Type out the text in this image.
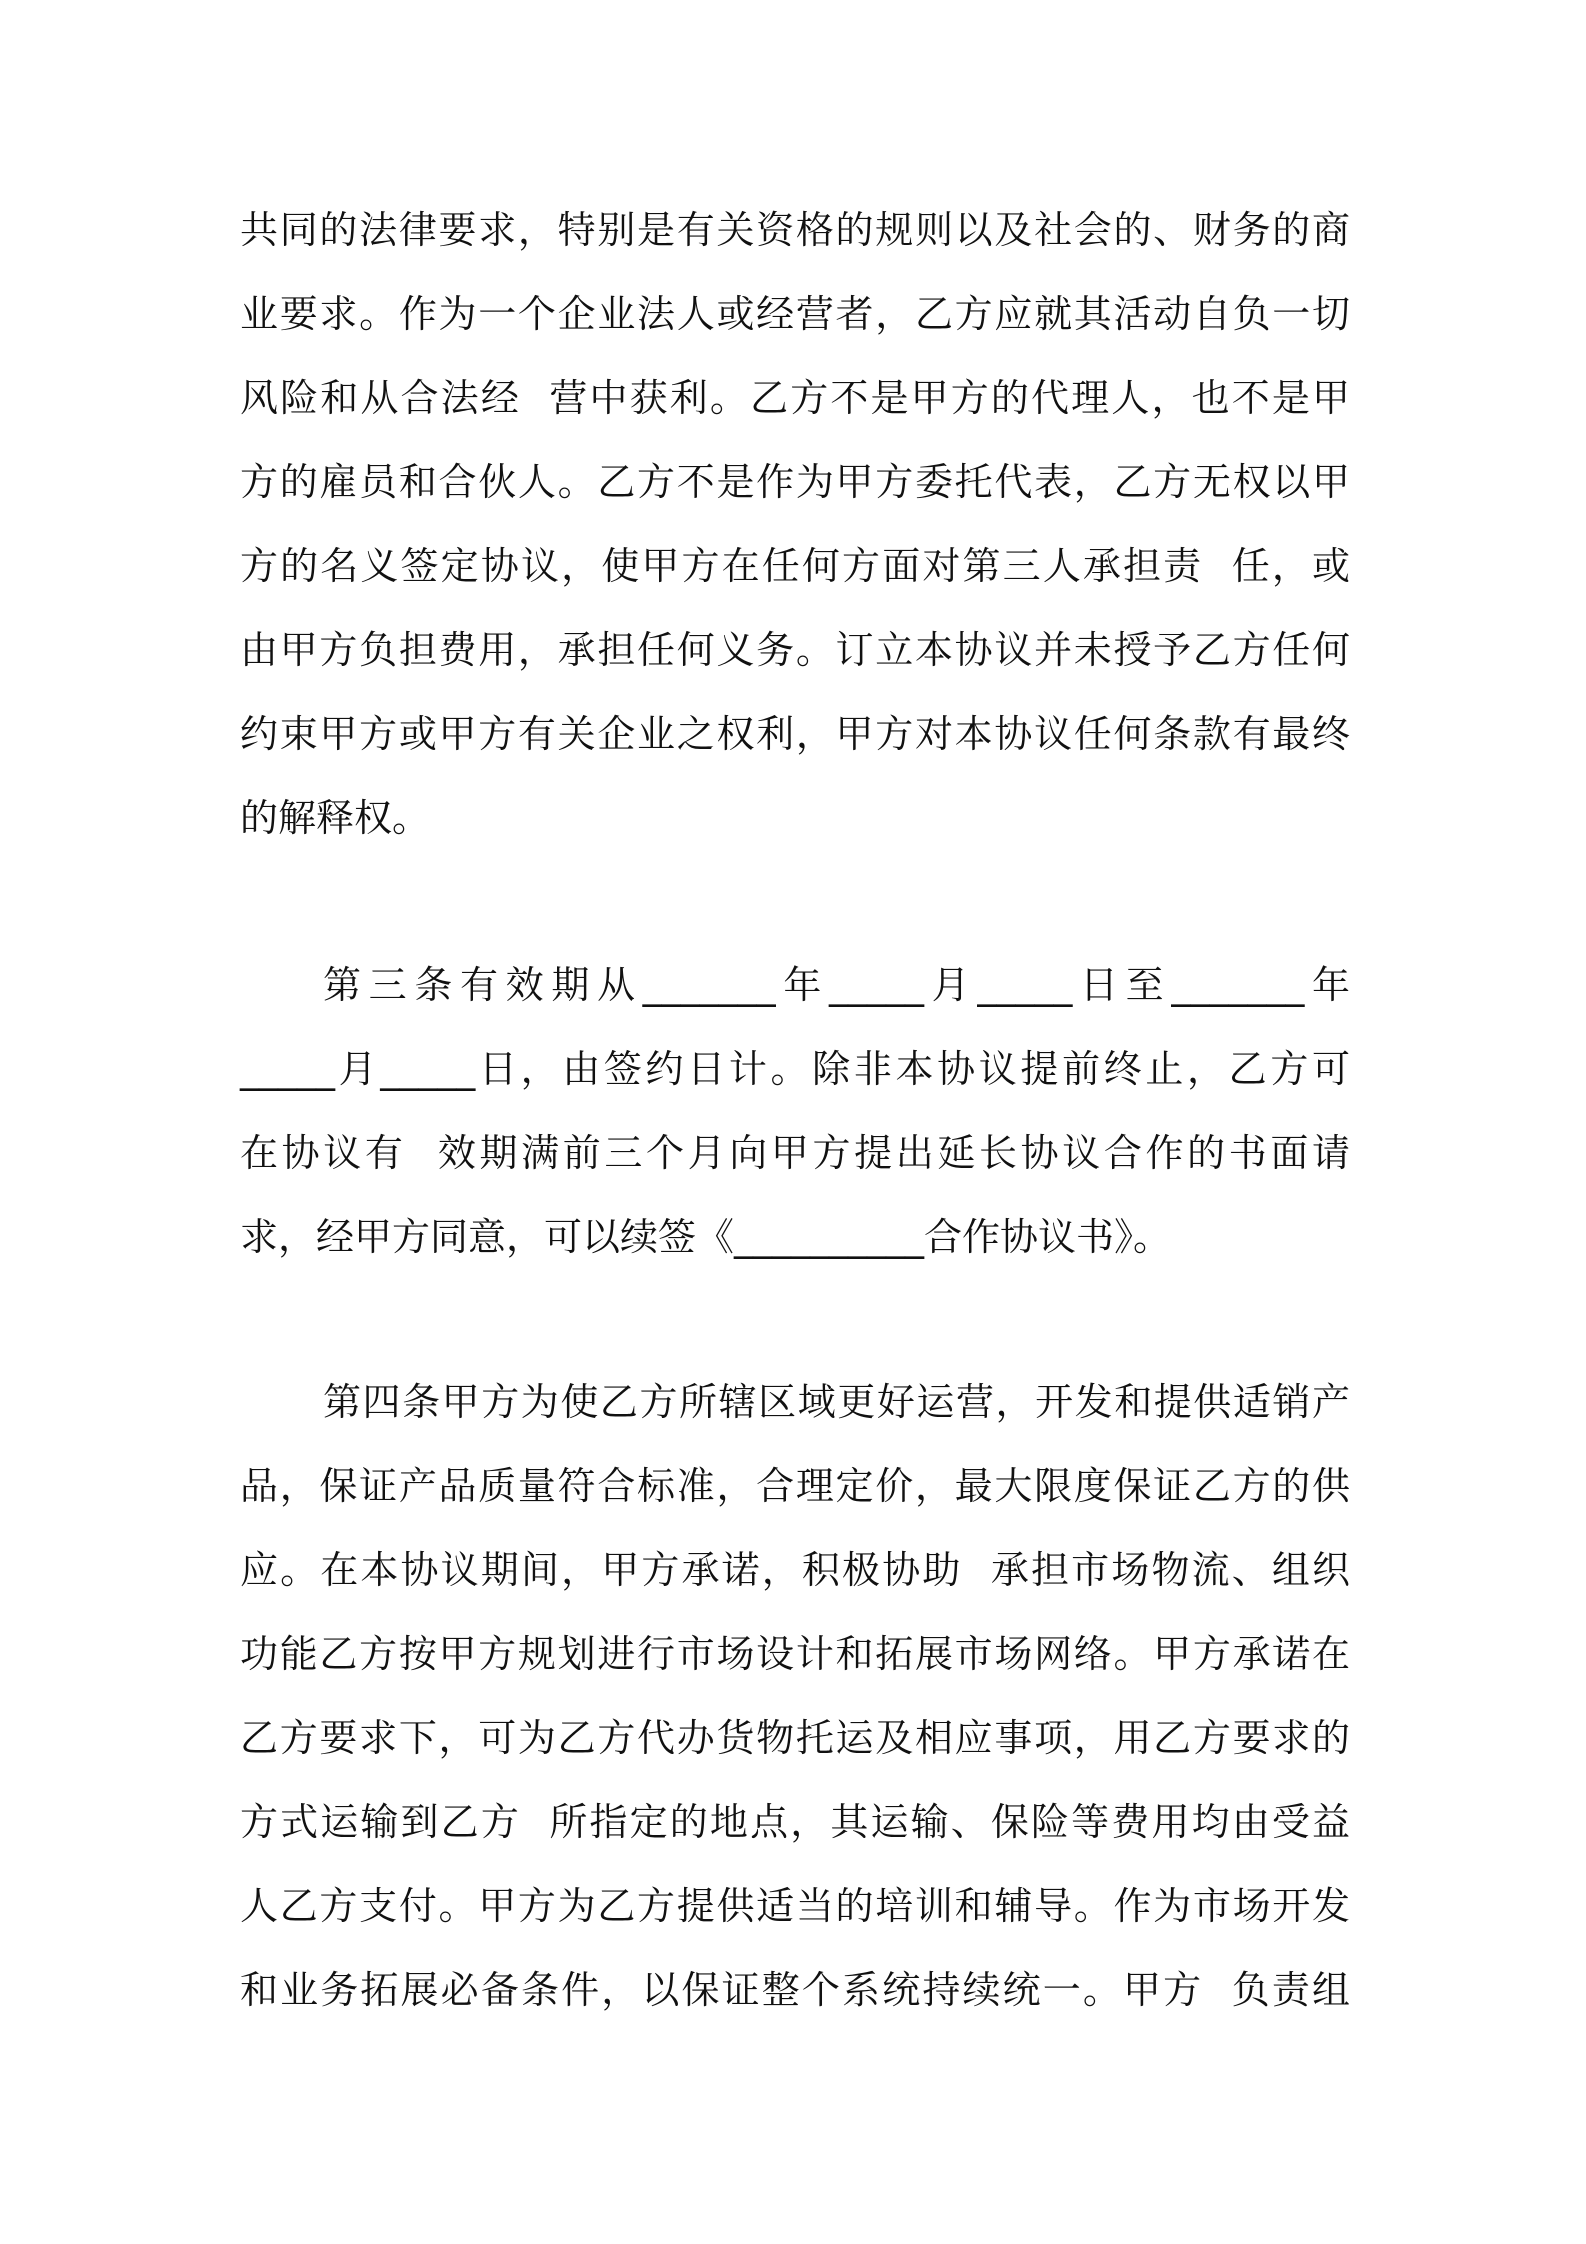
共同的法律要求，特别是有关资格的规则以及社会的、财务的商
业要求。作为一个企业法人或经营者，乙方应就其活动自负一切
风险和从合法经  营中获利。乙方不是甲方的代理人，也不是甲
方的雇员和合伙人。乙方不是作为甲方委托代表，乙方无权以甲
方的名义签定协议，使甲方在任何方面对第三人承担责  任，或
由甲方负担费用，承担任何义务。订立本协议并未授予乙方任何
约束甲方或甲方有关企业之权利，甲方对本协议任何条款有最终
的解释权。
第三条有效期从_______年_____月_____日至_______年
_____月_____日，由签约日计。除非本协议提前终止，乙方可
在协议有  效期满前三个月向甲方提出延长协议合作的书面请
求，经甲方同意，可以续签《__________合作协议书》。
第四条甲方为使乙方所辖区域更好运营，开发和提供适销产
品，保证产品质量符合标准，合理定价，最大限度保证乙方的供
应。在本协议期间，甲方承诺，积极协助  承担市场物流、组织
功能乙方按甲方规划进行市场设计和拓展市场网络。甲方承诺在
乙方要求下，可为乙方代办货物托运及相应事项，用乙方要求的
方式运输到乙方  所指定的地点，其运输、保险等费用均由受益
人乙方支付。甲方为乙方提供适当的培训和辅导。作为市场开发
和业务拓展必备条件，以保证整个系统持续统一。甲方  负责组
